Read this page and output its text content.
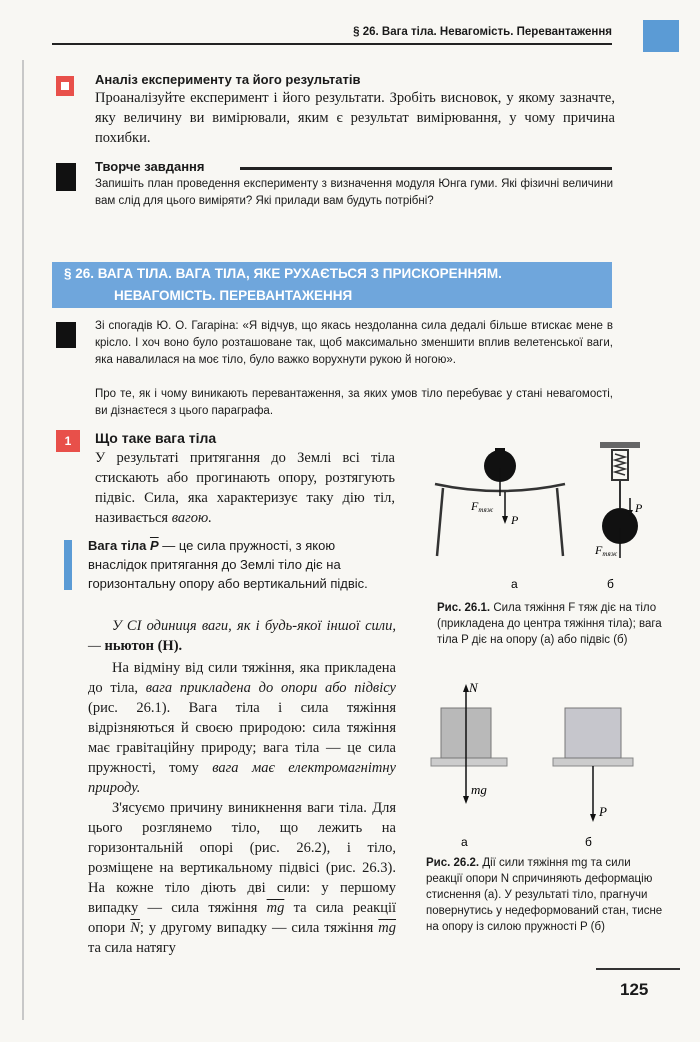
§ 26. Вага тіла. Невагомість. Перевантаження
Аналіз експерименту та його результатів
Проаналізуйте експеримент і його результати. Зробіть висновок, у якому зазначте, яку величину ви вимірювали, яким є результат вимірювання, у чому причина похибки.
Творче завдання
Запишіть план проведення експерименту з визначення модуля Юнга гуми. Які фізичні величини вам слід для цього виміряти? Які прилади вам будуть потрібні?
§ 26. ВАГА ТІЛА. ВАГА ТІЛА, ЯКЕ РУХАЄТЬСЯ З ПРИСКОРЕННЯМ.
НЕВАГОМІСТЬ. ПЕРЕВАНТАЖЕННЯ
Зі спогадів Ю. О. Гагаріна: «Я відчув, що якась нездоланна сила дедалі більше втискає мене в крісло. І хоч воно було розташоване так, щоб максимально зменшити вплив велетенської ваги, яка навалилася на моє тіло, було важко ворухнути рукою й ногою».
Про те, як і чому виникають перевантаження, за яких умов тіло перебуває у стані невагомості, ви дізнаєтеся з цього параграфа.
1	Що таке вага тіла
У результаті притягання до Землі всі тіла стискають або прогинають опору, розтягують підвіс. Сила, яка характеризує таку дію тіл, називається вагою.
Вага тіла $\overline{P}$ — це сила пружності, з якою внаслідок притягання до Землі тіло діє на горизонтальну опору або вертикальний підвіс.
У СІ одиниця ваги, як і будь-якої іншої сили,— ньютон (Н).
На відміну від сили тяжіння, яка прикладена до тіла, вага прикладена до опори або підвісу (рис. 26.1). Вага тіла і сила тяжіння відрізняються й своєю природою: сила тяжіння має гравітаційну природу; вага тіла — це сила пружності, тому вага має електромагнітну природу.
З'ясуємо причину виникнення ваги тіла. Для цього розглянемо тіло, що лежить на горизонтальній опорі (рис. 26.2), і тіло, розміщене на вертикальному підвісі (рис. 26.3). На кожне тіло діють дві сили: у першому випадку — сила тяжіння $\overline{mg}$ та сила реакції опори $\overline{N}$; у другому випадку — сила тяжіння $\overline{mg}$ та сила натягу
Fтяж
P
Fтяж
P
а	б
Рис. 26.1. Сила тяжіння F тяж діє на тіло (прикладена до центра тяжіння тіла); вага тіла P діє на опору (а) або підвіс (б)
N
mg
P
а	б
Рис. 26.2. Дії сили тяжіння mg та сили реакції опори N спричиняють деформацію стиснення (а). У результаті тіло, прагнучи повернутись у недеформований стан, тисне на опору із силою пружності P (б)
125
